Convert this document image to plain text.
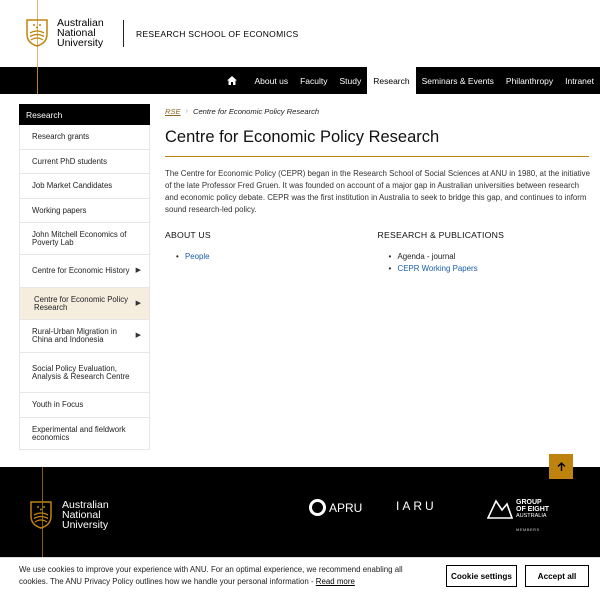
Australian
National
University
RESEARCH SCHOOL OF ECONOMICS
About us	Faculty	Study	Research	Seminars & Events	Philanthropy	Intranet
Research
Research grants
Current PhD students
Job Market Candidates
Working papers
John Mitchell Economics of Poverty Lab
Centre for Economic History ▶
Centre for Economic Policy Research	▶
Rural-Urban Migration in China and Indonesia	▶
Social Policy Evaluation, Analysis & Research Centre
Youth in Focus
Experimental and fieldwork economics
RSE › Centre for Economic Policy Research
Centre for Economic Policy Research

The Centre for Economic Policy (CEPR) began in the Research School of Social Sciences at ANU in 1980, at the initiative of the late Professor Fred Gruen. It was founded on account of a major gap in Australian universities between research and economic policy debate. CEPR was the first institution in Australia to seek to bridge this gap, and continues to inform sound research-led policy.

ABOUT US
• People
RESEARCH & PUBLICATIONS
• Agenda - journal
• CEPR Working Papers
Australian
National
University
APRU	IARU	GROUP
OF EIGHT
AUSTRALIA
MEMBERS
We use cookies to improve your experience with ANU. For an optimal experience, we recommend enabling all cookies. The ANU Privacy Policy outlines how we handle your personal information - Read more
Cookie settings	Accept all
